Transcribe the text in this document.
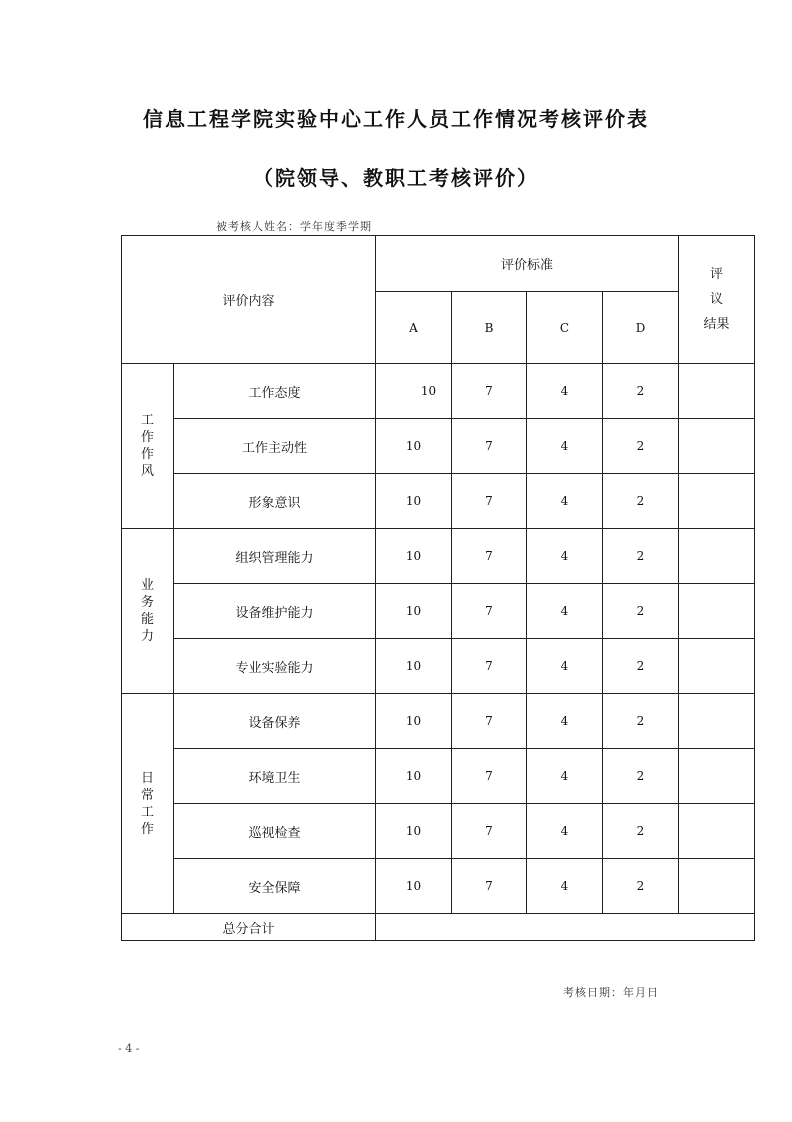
信息工程学院实验中心工作人员工作情况考核评价表
（院领导、教职工考核评价）
被考核人姓名：学年度季学期
评价内容		评价标准				评
议
结果

		A	B	C	D	

工
作
作
风	工作态度	10	7	4	2	
	工作主动性	10	7	4	2	
	形象意识	10	7	4	2	

业
务
能
力	组织管理能力	10	7	4	2	
	设备维护能力	10	7	4	2	
	专业实验能力	10	7	4	2	

日
常
工
作	设备保养	10	7	4	2	
	环境卫生	10	7	4	2	
	巡视检查	10	7	4	2	
	安全保障	10	7	4	2	
总分合计						
考核日期：年月日
- 4 -
